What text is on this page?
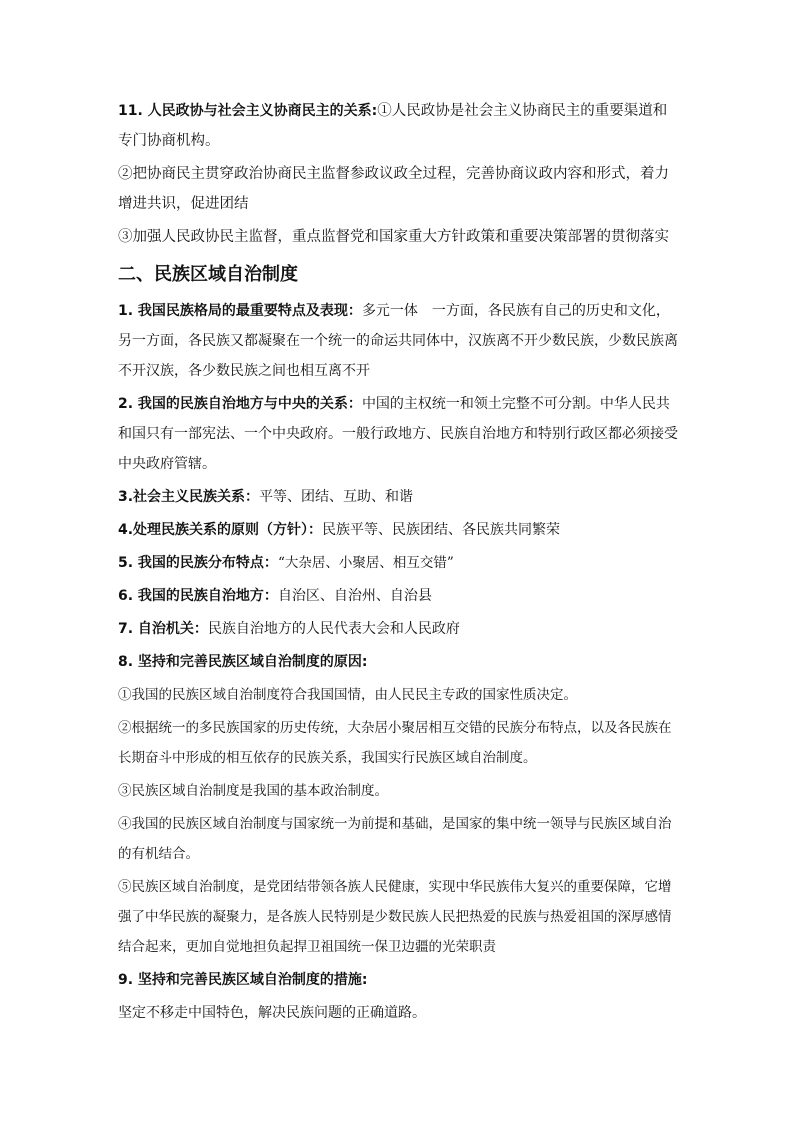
11. 人民政协与社会主义协商民主的关系:①人民政协是社会主义协商民主的重要渠道和专门协商机构。

②把协商民主贯穿政治协商民主监督参政议政全过程，完善协商议政内容和形式，着力增进共识，促进团结

③加强人民政协民主监督，重点监督党和国家重大方针政策和重要决策部署的贯彻落实

二、民族区域自治制度

1. 我国民族格局的最重要特点及表现：多元一体　一方面，各民族有自己的历史和文化，另一方面，各民族又都凝聚在一个统一的命运共同体中，汉族离不开少数民族，少数民族离不开汉族，各少数民族之间也相互离不开

2. 我国的民族自治地方与中央的关系：中国的主权统一和领土完整不可分割。中华人民共和国只有一部宪法、一个中央政府。一般行政地方、民族自治地方和特别行政区都必须接受中央政府管辖。

3.社会主义民族关系：平等、团结、互助、和谐

4.处理民族关系的原则（方针）：民族平等、民族团结、各民族共同繁荣

5. 我国的民族分布特点：“大杂居、小聚居、相互交错”

6. 我国的民族自治地方：自治区、自治州、自治县

7. 自治机关：民族自治地方的人民代表大会和人民政府

8. 坚持和完善民族区域自治制度的原因:

①我国的民族区域自治制度符合我国国情，由人民民主专政的国家性质决定。

②根据统一的多民族国家的历史传统，大杂居小聚居相互交错的民族分布特点，以及各民族在长期奋斗中形成的相互依存的民族关系，我国实行民族区域自治制度。

③民族区域自治制度是我国的基本政治制度。

④我国的民族区域自治制度与国家统一为前提和基础，是国家的集中统一领导与民族区域自治的有机结合。

⑤民族区域自治制度，是党团结带领各族人民健康，实现中华民族伟大复兴的重要保障，它增强了中华民族的凝聚力，是各族人民特别是少数民族人民把热爱的民族与热爱祖国的深厚感情结合起来，更加自觉地担负起捍卫祖国统一保卫边疆的光荣职责

9. 坚持和完善民族区域自治制度的措施:

坚定不移走中国特色，解决民族问题的正确道路。
